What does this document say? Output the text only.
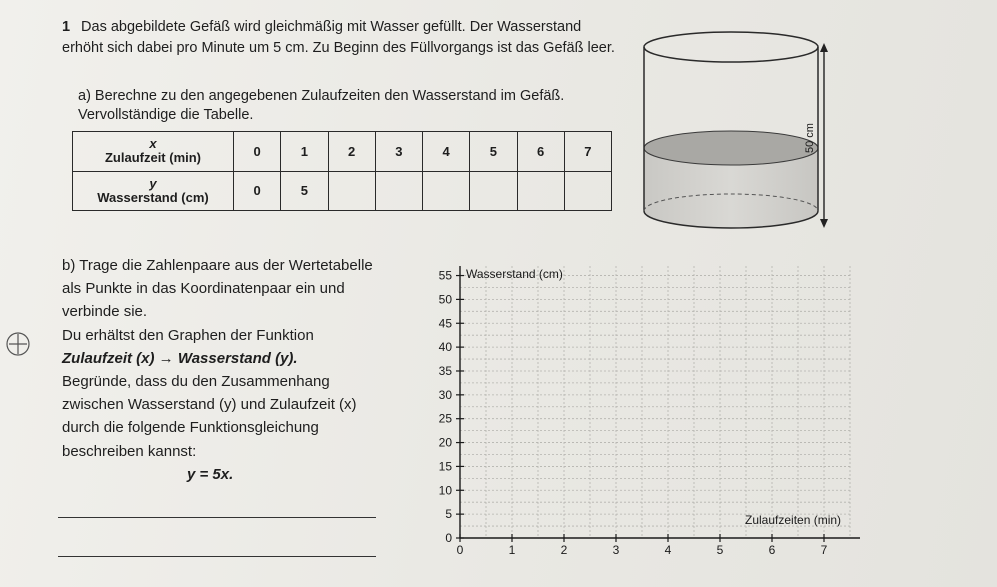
1 Das abgebildete Gefäß wird gleichmäßig mit Wasser gefüllt. Der Wasserstand erhöht sich dabei pro Minute um 5 cm. Zu Beginn des Füllvorgangs ist das Gefäß leer.
a) Berechne zu den angegebenen Zulaufzeiten den Wasserstand im Gefäß. Vervollständige die Tabelle.
x
Zulaufzeit (min)	0	1	2	3	4	5	6	7

y
Wasserstand (cm)	0	5						
50 cm
b) Trage die Zahlenpaare aus der Wertetabelle als Punkte in das Koordinatenpaar ein und verbinde sie.
Du erhältst den Graphen der Funktion
Zulaufzeit (x) → Wasserstand (y).
Begründe, dass du den Zusammenhang zwischen Wasserstand (y) und Zulaufzeit (x) durch die folgende Funktionsgleichung beschreiben kannst:
y = 5x.
0	1	2	3	4	5	6	7
0
5
10
15
20
25
30
35
40
45
50
55 Wasserstand (cm)
Zulaufzeiten (min)
